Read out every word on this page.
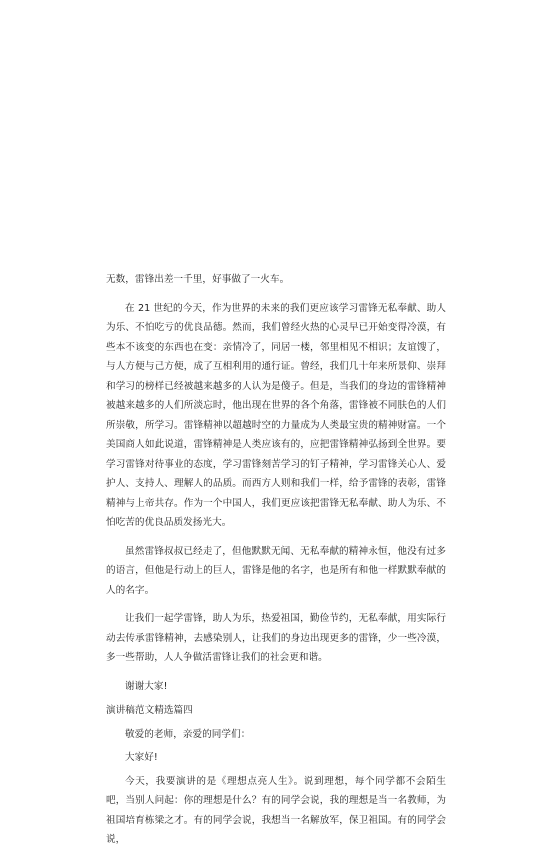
无数，雷锋出差一千里，好事做了一火车。

在 21 世纪的今天，作为世界的未来的我们更应该学习雷锋无私奉献、助人为乐、不怕吃亏的优良品德。然而，我们曾经火热的心灵早已开始变得冷漠，有些本不该变的东西也在变：亲情冷了，同居一楼，邻里相见不相识；友谊馊了，与人方便与己方便，成了互相利用的通行证。曾经，我们几十年来所景仰、崇拜和学习的榜样已经被越来越多的人认为是傻子。但是，当我们的身边的雷锋精神被越来越多的人们所淡忘时，他出现在世界的各个角落，雷锋被不同肤色的人们所崇敬，所学习。雷锋精神以超越时空的力量成为人类最宝贵的精神财富。一个美国商人如此说道，雷锋精神是人类应该有的，应把雷锋精神弘扬到全世界。要学习雷锋对待事业的态度，学习雷锋刻苦学习的钉子精神，学习雷锋关心人、爱护人、支持人、理解人的品质。而西方人则和我们一样，给予雷锋的表彰，雷锋精神与上帝共存。作为一个中国人，我们更应该把雷锋无私奉献、助人为乐、不怕吃苦的优良品质发扬光大。

虽然雷锋叔叔已经走了，但他默默无闻、无私奉献的精神永恒，他没有过多的语言，但他是行动上的巨人，雷锋是他的名字，也是所有和他一样默默奉献的人的名字。

让我们一起学雷锋，助人为乐，热爱祖国，勤俭节约，无私奉献，用实际行动去传承雷锋精神，去感染别人，让我们的身边出现更多的雷锋，少一些冷漠，多一些帮助，人人争做活雷锋让我们的社会更和谐。

谢谢大家!

演讲稿范文精选篇四

敬爱的老师，亲爱的同学们：

大家好!

今天，我要演讲的是《理想点亮人生》。说到理想，每个同学都不会陌生吧，当别人问起：你的理想是什么？有的同学会说，我的理想是当一名教师，为祖国培育栋梁之才。有的同学会说，我想当一名解放军，保卫祖国。有的同学会说，
